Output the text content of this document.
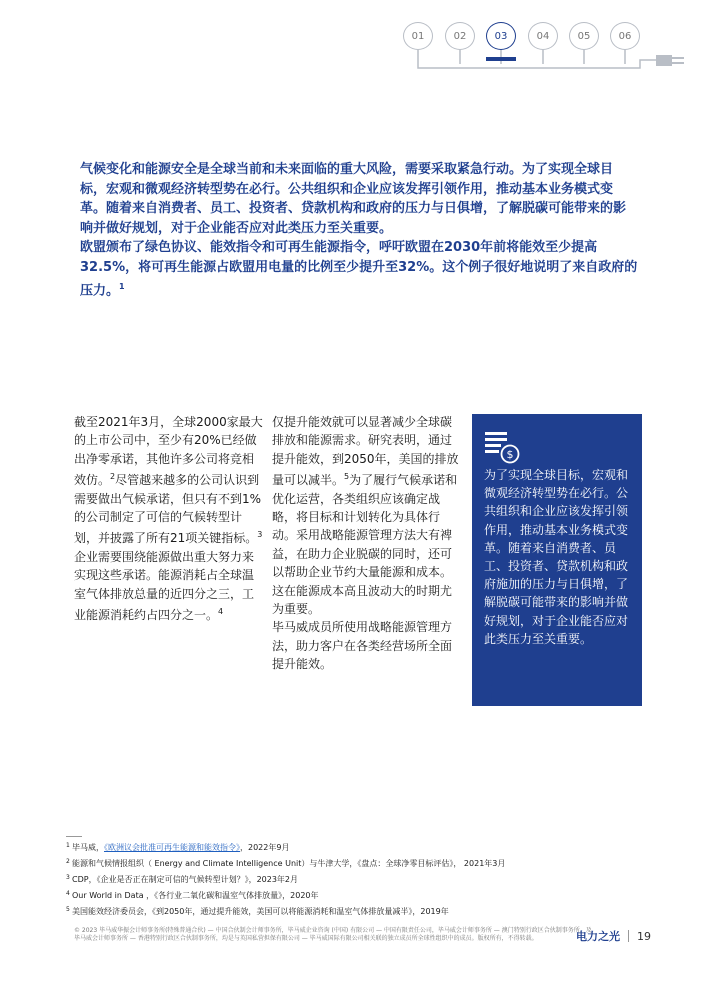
01	02	03	04	05	06

气候变化和能源安全是全球当前和未来面临的重大风险，需要采取紧急行动。为了实现全球目标，宏观和微观经济转型势在必行。公共组织和企业应该发挥引领作用，推动基本业务模式变革。随着来自消费者、员工、投资者、贷款机构和政府的压力与日俱增，了解脱碳可能带来的影响并做好规划，对于企业能否应对此类压力至关重要。

欧盟颁布了绿色协议、能效指令和可再生能源指令，呼吁欧盟在2030年前将能效至少提高32.5%，将可再生能源占欧盟用电量的比例至少提升至32%。这个例子很好地说明了来自政府的压力。$^1$

截至2021年3月，全球2000家最大的上市公司中，至少有20%已经做出净零承诺，其他许多公司将竞相效仿。$^2$尽管越来越多的公司认识到需要做出气候承诺，但只有不到1%的公司制定了可信的气候转型计划，并披露了所有21项关键指标。$^3$ 企业需要围绕能源做出重大努力来实现这些承诺。能源消耗占全球温室气体排放总量的近四分之三，工业能源消耗约占四分之一。$^4$

仅提升能效就可以显著减少全球碳排放和能源需求。研究表明，通过提升能效，到2050年，美国的排放量可以减半。$^5$为了履行气候承诺和优化运营，各类组织应该确定战略，将目标和计划转化为具体行动。采用战略能源管理方法大有裨益，在助力企业脱碳的同时，还可以帮助企业节约大量能源和成本。这在能源成本高且波动大的时期尤为重要。

毕马威成员所使用战略能源管理方法，助力客户在各类经营场所全面提升能效。

$
为了实现全球目标，宏观和微观经济转型势在必行。公共组织和企业应该发挥引领作用，推动基本业务模式变革。随着来自消费者、员工、投资者、贷款机构和政府施加的压力与日俱增，了解脱碳可能带来的影响并做好规划，对于企业能否应对此类压力至关重要。
1 毕马威，《欧洲议会批准可再生能源和能效指令》，2022年9月
2 能源和气候情报组织（ Energy and Climate Intelligence Unit）与牛津大学，《盘点：全球净零目标评估》， 2021年3月
3 CDP，《企业是否正在制定可信的气候转型计划？》，2023年2月
4 Our World in Data ，《各行业二氧化碳和温室气体排放量》，2020年
5 美国能效经济委员会，《到2050年，通过提升能效，美国可以将能源消耗和温室气体排放量减半》，2019年
© 2023 毕马威华振会计师事务所(特殊普通合伙) — 中国合伙制会计师事务所，毕马威企业咨询 (中国) 有限公司 — 中国有限责任公司，毕马威会计师事务所 — 澳门特别行政区合伙制事务所，及毕马威会计师事务所 — 香港特别行政区合伙制事务所，均是与英国私营担保有限公司 — 毕马威国际有限公司相关联的独立成员所全球性组织中的成员。版权所有，不得转载。	电力之光 19
